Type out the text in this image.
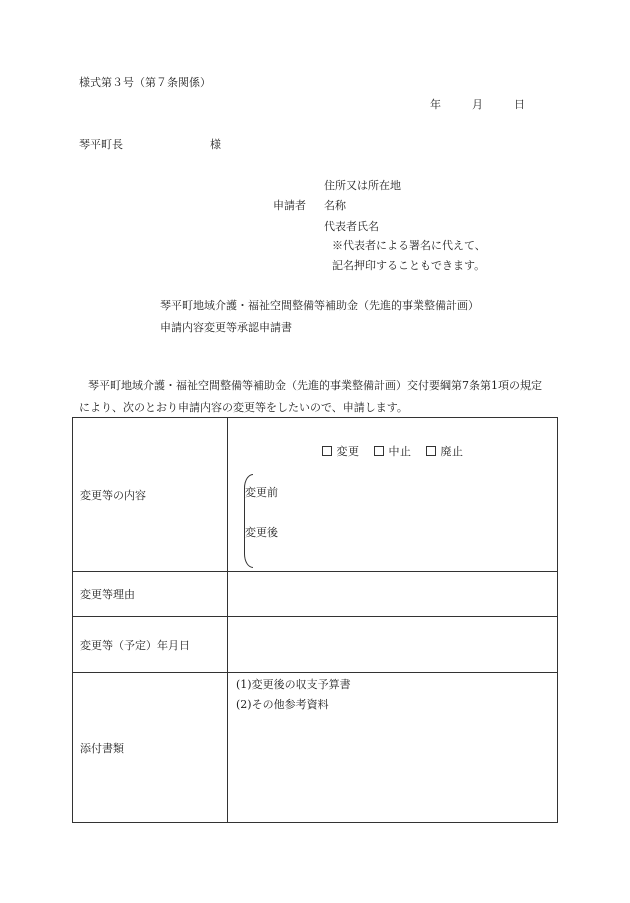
様式第３号（第７条関係）
年	月	日
琴平町長	様
住所又は所在地
申請者 名称
代表者氏名
※代表者による署名に代えて、
記名押印することもできます。
琴平町地域介護・福祉空間整備等補助金（先進的事業整備計画）
申請内容変更等承認申請書
琴平町地域介護・福祉空間整備等補助金（先進的事業整備計画）交付要綱第7条第1項の規定
により、次のとおり申請内容の変更等をしたいので、申請します。
変更等の内容	変更 中止 廃止
変更前
変更後

変更等理由	
変更等（予定）年月日	
添付書類	(1)変更後の収支予算書
(2)その他参考資料
